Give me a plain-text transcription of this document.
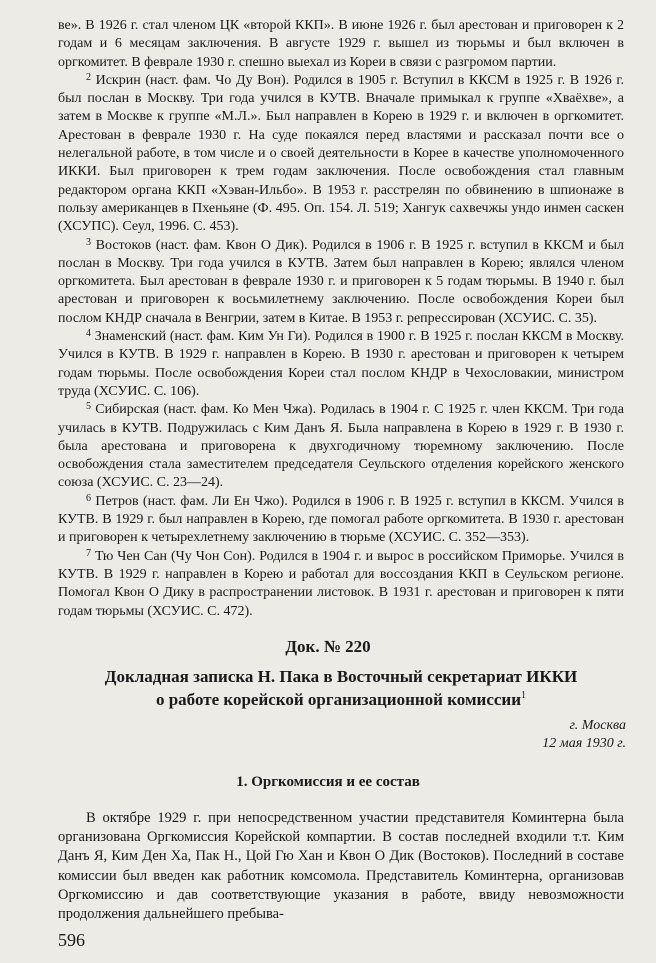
ве». В 1926 г. стал членом ЦК «второй ККП». В июне 1926 г. был арестован и приговорен к 2 годам и 6 месяцам заключения. В августе 1929 г. вышел из тюрьмы и был включен в оргкомитет. В феврале 1930 г. спешно выехал из Кореи в связи с разгромом партии.

$^2$ Искрин (наст. фам. Чо Ду Вон). Родился в 1905 г. Вступил в ККСМ в 1925 г. В 1926 г. был послан в Москву. Три года учился в КУТВ. Вначале примыкал к группе «Хваёхве», а затем в Москве к группе «М.Л.». Был направлен в Корею в 1929 г. и включен в оргкомитет. Арестован в феврале 1930 г. На суде покаялся перед властями и рассказал почти все о нелегальной работе, в том числе и о своей деятельности в Корее в качестве уполномоченного ИККИ. Был приговорен к трем годам заключения. После освобождения стал главным редактором органа ККП «Хэван-Ильбо». В 1953 г. расстрелян по обвинению в шпионаже в пользу американцев в Пхеньяне (Ф. 495. Оп. 154. Л. 519; Хангук сахвечжы ундо инмен саскен (ХСУПС). Сеул, 1996. С. 453).

$^3$ Востоков (наст. фам. Квон О Дик). Родился в 1906 г. В 1925 г. вступил в ККСМ и был послан в Москву. Три года учился в КУТВ. Затем был направлен в Корею; являлся членом оргкомитета. Был арестован в феврале 1930 г. и приговорен к 5 годам тюрьмы. В 1940 г. был арестован и приговорен к восьмилетнему заключению. После освобождения Кореи был послом КНДР сначала в Венгрии, затем в Китае. В 1953 г. репрессирован (ХСУИС. С. 35).

$^4$ Знаменский (наст. фам. Ким Ун Ги). Родился в 1900 г. В 1925 г. послан ККСМ в Москву. Учился в КУТВ. В 1929 г. направлен в Корею. В 1930 г. арестован и приговорен к четырем годам тюрьмы. После освобождения Кореи стал послом КНДР в Чехословакии, министром труда (ХСУИС. С. 106).

$^5$ Сибирская (наст. фам. Ко Мен Чжа). Родилась в 1904 г. С 1925 г. член ККСМ. Три года училась в КУТВ. Подружилась с Ким Данъ Я. Была направлена в Корею в 1929 г. В 1930 г. была арестована и приговорена к двухгодичному тюремному заключению. После освобождения стала заместителем председателя Сеульского отделения корейского женского союза (ХСУИС. С. 23—24).

$^6$ Петров (наст. фам. Ли Ен Чжо). Родился в 1906 г. В 1925 г. вступил в ККСМ. Учился в КУТВ. В 1929 г. был направлен в Корею, где помогал работе оргкомитета. В 1930 г. арестован и приговорен к четырехлетнему заключению в тюрьме (ХСУИС. С. 352—353).

$^7$ Тю Чен Сан (Чу Чон Сон). Родился в 1904 г. и вырос в российском Приморье. Учился в КУТВ. В 1929 г. направлен в Корею и работал для воссоздания ККП в Сеульском регионе. Помогал Квон О Дику в распространении листовок. В 1931 г. арестован и приговорен к пяти годам тюрьмы (ХСУИС. С. 472).

Док. № 220
Докладная записка Н. Пака в Восточный секретариат ИККИ
о работе корейской организационной комиссии$^1$
г. Москва
12 мая 1930 г.
1. Оргкомиссия и ее состав

В октябре 1929 г. при непосредственном участии представителя Коминтерна была организована Оргкомиссия Корейской компартии. В состав последней входили т.т. Ким Данъ Я, Ким Ден Ха, Пак Н., Цой Гю Хан и Квон О Дик (Востоков). Последний в составе комиссии был введен как работник комсомола. Представитель Коминтерна, организовав Оргкомиссию и дав соответствующие указания в работе, ввиду невозможности продолжения дальнейшего пребыва-

596
